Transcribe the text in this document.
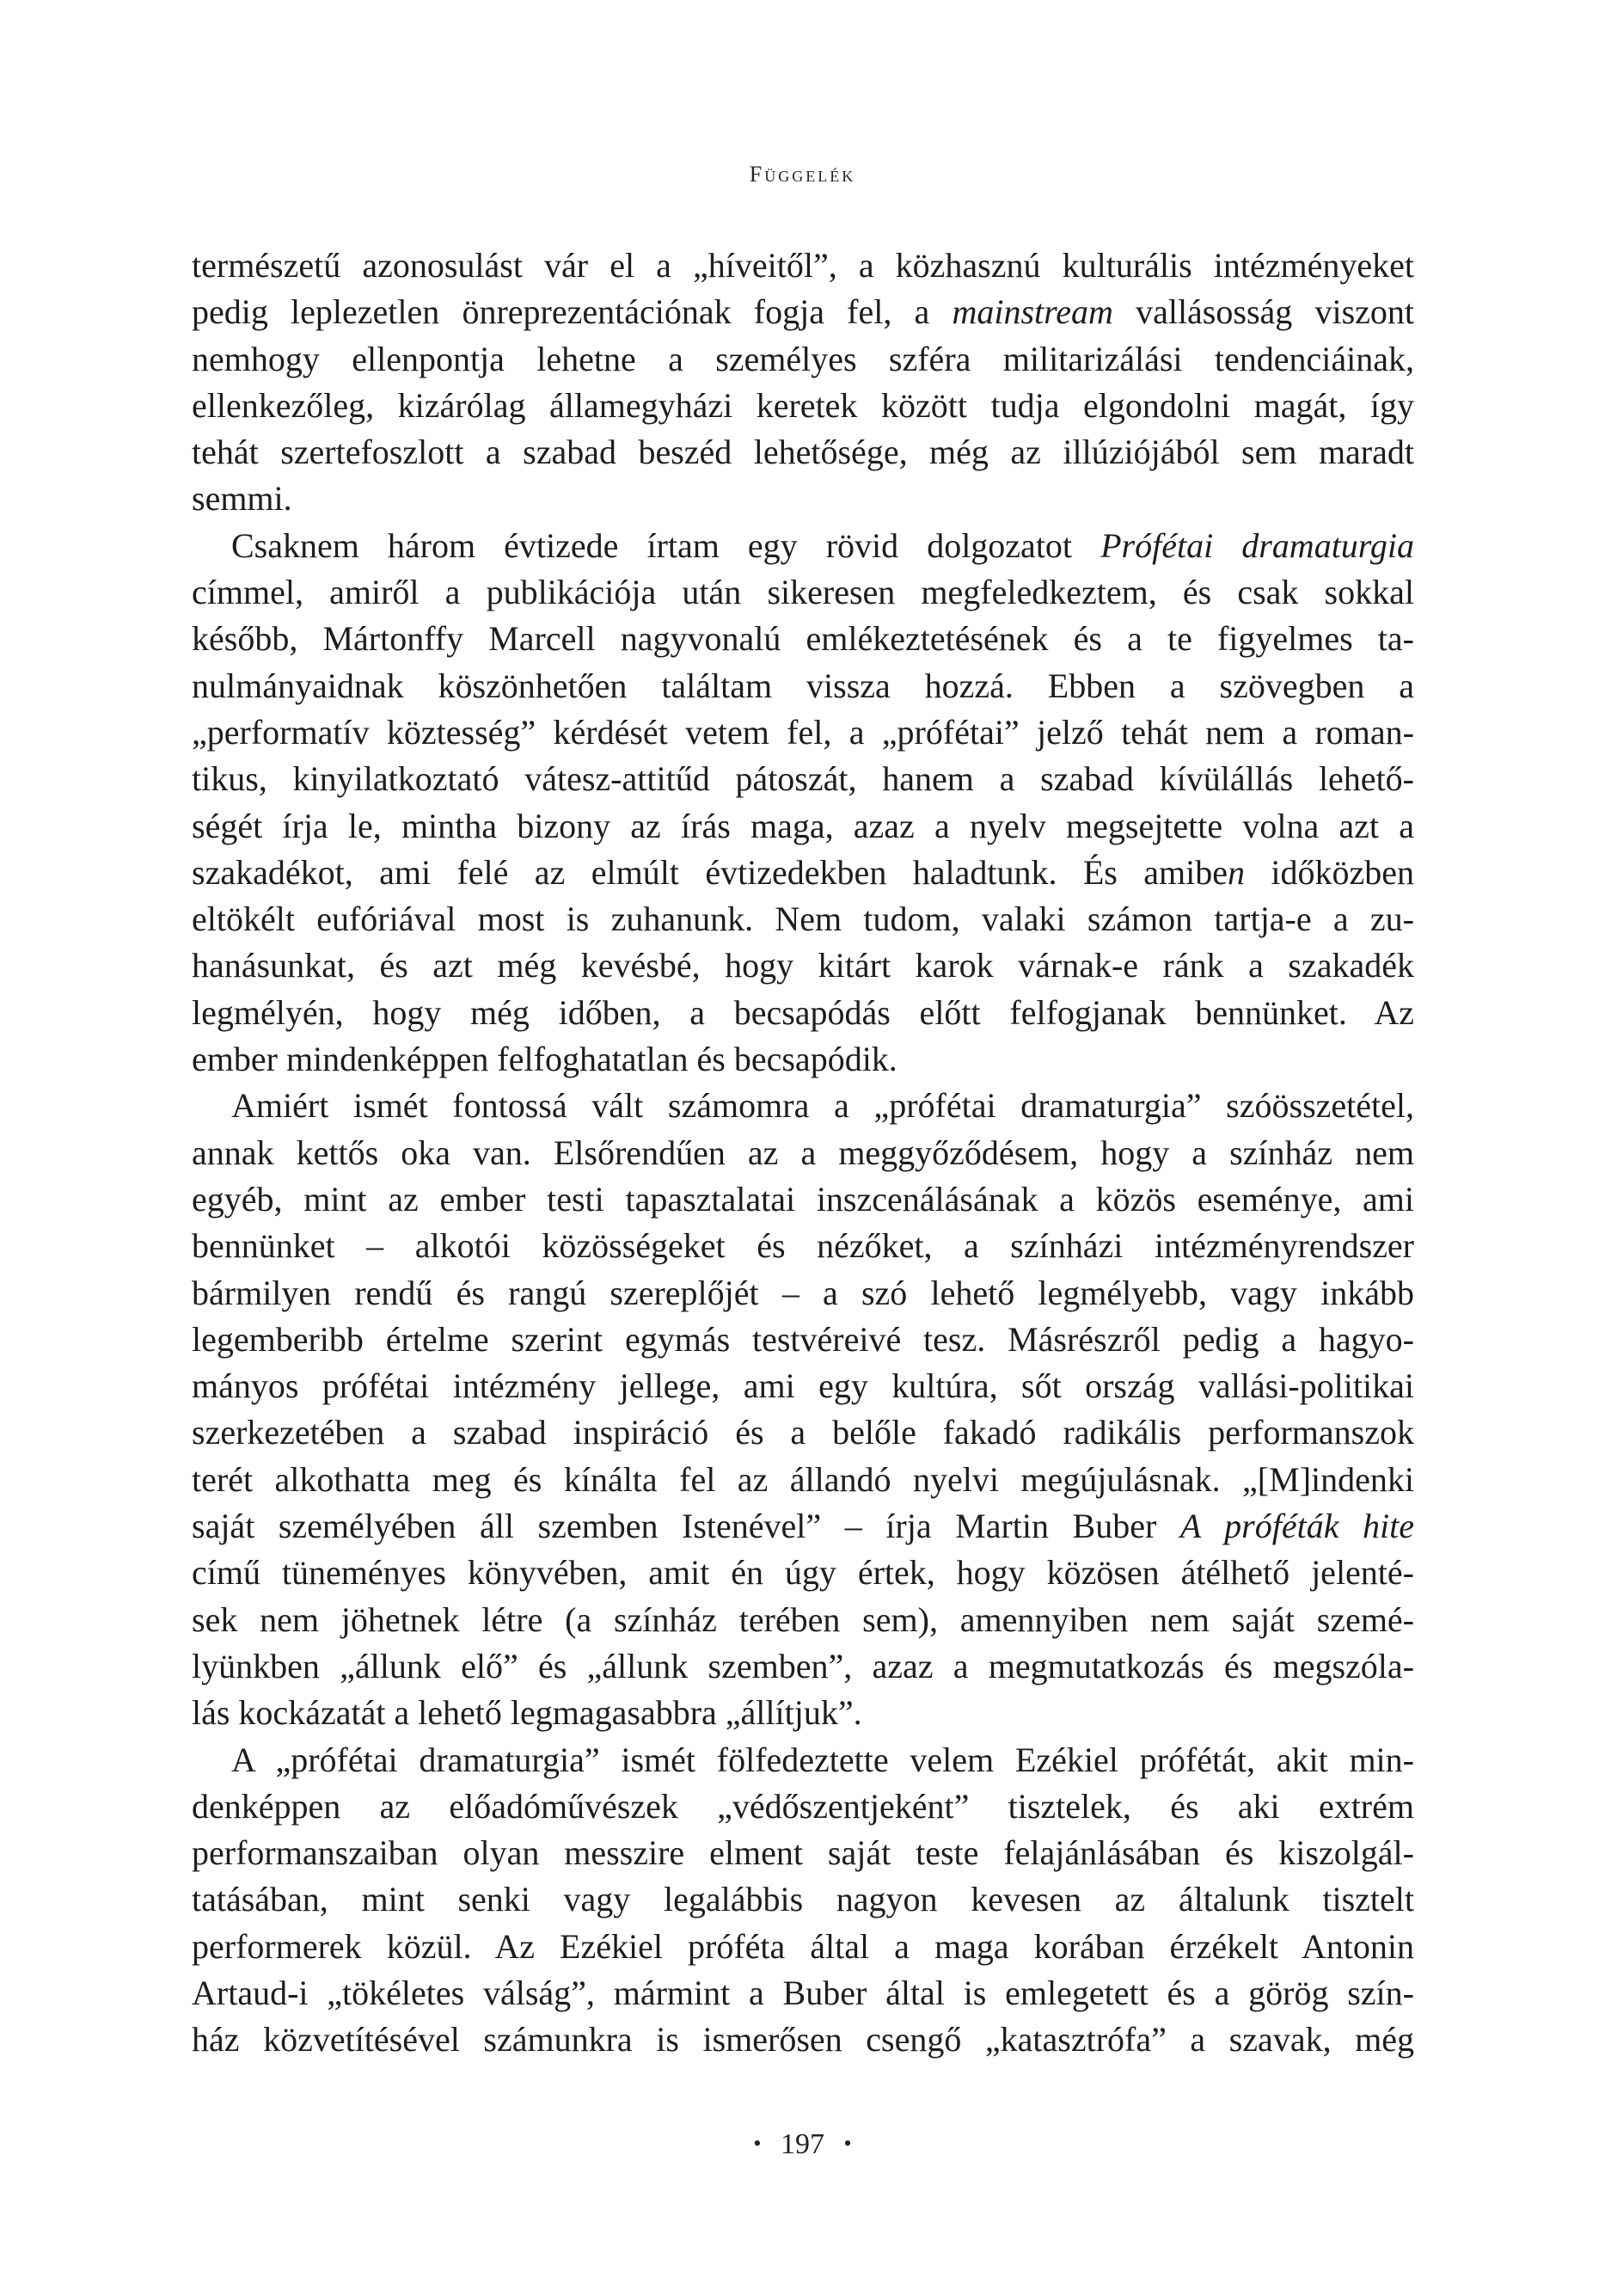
Függelék
természetű azonosulást vár el a „híveitől”, a közhasznú kulturális intézményeket
pedig leplezetlen önreprezentációnak fogja fel, a mainstream vallásosság viszont
nemhogy ellenpontja lehetne a személyes szféra militarizálási tendenciáinak,
ellenkezőleg, kizárólag államegyházi keretek között tudja elgondolni magát, így
tehát szertefoszlott a szabad beszéd lehetősége, még az illúziójából sem maradt
semmi.
Csaknem három évtizede írtam egy rövid dolgozatot Prófétai dramaturgia
címmel, amiről a publikációja után sikeresen megfeledkeztem, és csak sokkal
később, Mártonffy Marcell nagyvonalú emlékeztetésének és a te figyelmes ta-
nulmányaidnak köszönhetően találtam vissza hozzá. Ebben a szövegben a
„performatív köztesség” kérdését vetem fel, a „prófétai” jelző tehát nem a roman-
tikus, kinyilatkoztató vátesz-attitűd pátoszát, hanem a szabad kívülállás lehető-
ségét írja le, mintha bizony az írás maga, azaz a nyelv megsejtette volna azt a
szakadékot, ami felé az elmúlt évtizedekben haladtunk. És amiben időközben
eltökélt eufóriával most is zuhanunk. Nem tudom, valaki számon tartja-e a zu-
hanásunkat, és azt még kevésbé, hogy kitárt karok várnak-e ránk a szakadék
legmélyén, hogy még időben, a becsapódás előtt felfogjanak bennünket. Az
ember mindenképpen felfoghatatlan és becsapódik.
Amiért ismét fontossá vált számomra a „prófétai dramaturgia” szóösszetétel,
annak kettős oka van. Elsőrendűen az a meggyőződésem, hogy a színház nem
egyéb, mint az ember testi tapasztalatai inszcenálásának a közös eseménye, ami
bennünket – alkotói közösségeket és nézőket, a színházi intézményrendszer
bármilyen rendű és rangú szereplőjét – a szó lehető legmélyebb, vagy inkább
legemberibb értelme szerint egymás testvéreivé tesz. Másrészről pedig a hagyo-
mányos prófétai intézmény jellege, ami egy kultúra, sőt ország vallási-politikai
szerkezetében a szabad inspiráció és a belőle fakadó radikális performanszok
terét alkothatta meg és kínálta fel az állandó nyelvi megújulásnak. „[M]indenki
saját személyében áll szemben Istenével” – írja Martin Buber A próféták hite
című tüneményes könyvében, amit én úgy értek, hogy közösen átélhető jelenté-
sek nem jöhetnek létre (a színház terében sem), amennyiben nem saját szemé-
lyünkben „állunk elő” és „állunk szemben”, azaz a megmutatkozás és megszóla-
lás kockázatát a lehető legmagasabbra „állítjuk”.
A „prófétai dramaturgia” ismét fölfedeztette velem Ezékiel prófétát, akit min-
denképpen az előadóművészek „védőszentjeként” tisztelek, és aki extrém
performanszaiban olyan messzire elment saját teste felajánlásában és kiszolgál-
tatásában, mint senki vagy legalábbis nagyon kevesen az általunk tisztelt
performerek közül. Az Ezékiel próféta által a maga korában érzékelt Antonin
Artaud-i „tökéletes válság”, mármint a Buber által is emlegetett és a görög szín-
ház közvetítésével számunkra is ismerősen csengő „katasztrófa” a szavak, még
• 197 •
